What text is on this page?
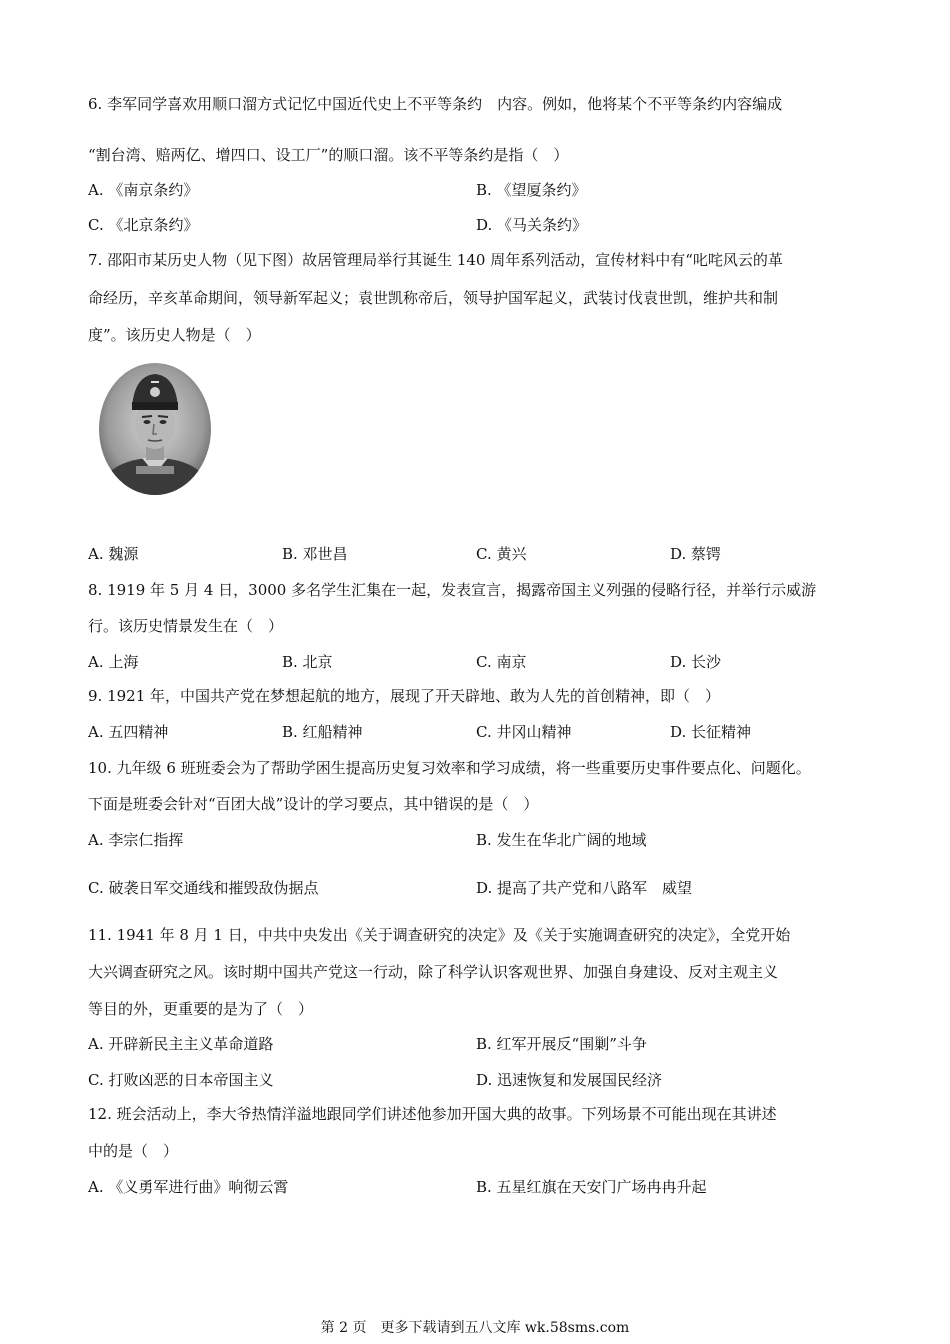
6. 李军同学喜欢用顺口溜方式记忆中国近代史上不平等条约　内容。例如，他将某个不平等条约内容编成
“割台湾、赔两亿、增四口、设工厂”的顺口溜。该不平等条约是指（　）
A. 《南京条约》	B. 《望厦条约》
C. 《北京条约》	D. 《马关条约》
7. 邵阳市某历史人物（见下图）故居管理局举行其诞生 140 周年系列活动，宣传材料中有“叱咤风云的革
命经历，辛亥革命期间，领导新军起义；袁世凯称帝后，领导护国军起义，武装讨伐袁世凯，维护共和制
度”。该历史人物是（　）
A. 魏源	B. 邓世昌	C. 黄兴	D. 蔡锷
8. 1919 年 5 月 4 日，3000 多名学生汇集在一起，发表宣言，揭露帝国主义列强的侵略行径，并举行示威游
行。该历史情景发生在（　）
A. 上海	B. 北京	C. 南京	D. 长沙
9. 1921 年，中国共产党在梦想起航的地方，展现了开天辟地、敢为人先的首创精神，即（　）
A. 五四精神	B. 红船精神	C. 井冈山精神	D. 长征精神
10. 九年级 6 班班委会为了帮助学困生提高历史复习效率和学习成绩，将一些重要历史事件要点化、问题化。
下面是班委会针对“百团大战”设计的学习要点，其中错误的是（　）
A. 李宗仁指挥	B. 发生在华北广阔的地域
C. 破袭日军交通线和摧毁敌伪据点	D. 提高了共产党和八路军　威望
11. 1941 年 8 月 1 日，中共中央发出《关于调查研究的决定》及《关于实施调查研究的决定》，全党开始
大兴调查研究之风。该时期中国共产党这一行动，除了科学认识客观世界、加强自身建设、反对主观主义
等目的外，更重要的是为了（　）
A. 开辟新民主主义革命道路	B. 红军开展反“围剿”斗争
C. 打败凶恶的日本帝国主义	D. 迅速恢复和发展国民经济
12. 班会活动上，李大爷热情洋溢地跟同学们讲述他参加开国大典的故事。下列场景不可能出现在其讲述
中的是（　）
A. 《义勇军进行曲》响彻云霄	B. 五星红旗在天安门广场冉冉升起
第 2 页　更多下载请到五八文库 wk.58sms.com
